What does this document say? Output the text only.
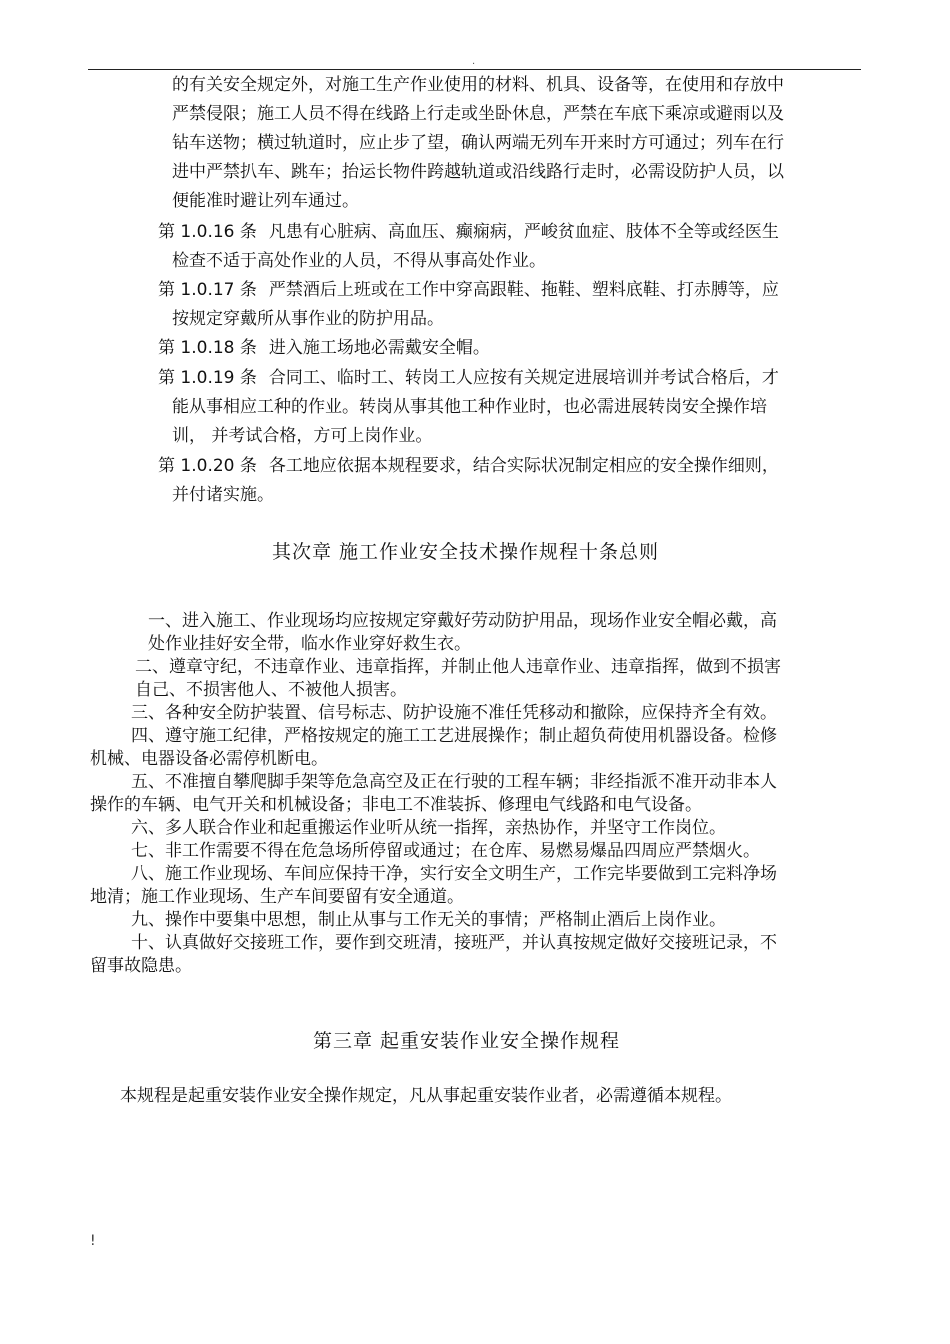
.
的有关安全规定外，对施工生产作业使用的材料、机具、设备等，在使用和存放中
严禁侵限；施工人员不得在线路上行走或坐卧休息，严禁在车底下乘凉或避雨以及
钻车送物；横过轨道时，应止步了望，确认两端无列车开来时方可通过；列车在行
进中严禁扒车、跳车；抬运长物件跨越轨道或沿线路行走时，必需设防护人员，以
便能准时避让列车通过。
第 1.0.16 条 凡患有心脏病、高血压、癫痫病，严峻贫血症、肢体不全等或经医生
检查不适于高处作业的人员，不得从事高处作业。
第 1.0.17 条 严禁酒后上班或在工作中穿高跟鞋、拖鞋、塑料底鞋、打赤膊等，应
按规定穿戴所从事作业的防护用品。
第 1.0.18 条 进入施工场地必需戴安全帽。
第 1.0.19 条 合同工、临时工、转岗工人应按有关规定进展培训并考试合格后，才
能从事相应工种的作业。转岗从事其他工种作业时，也必需进展转岗安全操作培
训， 并考试合格，方可上岗作业。
第 1.0.20 条 各工地应依据本规程要求，结合实际状况制定相应的安全操作细则，
并付诸实施。
其次章 施工作业安全技术操作规程十条总则
一、进入施工、作业现场均应按规定穿戴好劳动防护用品，现场作业安全帽必戴，高
处作业挂好安全带，临水作业穿好救生衣。
二、遵章守纪，不违章作业、违章指挥，并制止他人违章作业、违章指挥，做到不损害
自己、不损害他人、不被他人损害。
三、各种安全防护装置、信号标志、防护设施不准任凭移动和撤除，应保持齐全有效。
四、遵守施工纪律，严格按规定的施工工艺进展操作；制止超负荷使用机器设备。检修
机械、电器设备必需停机断电。
五、不准擅自攀爬脚手架等危急高空及正在行驶的工程车辆；非经指派不准开动非本人
操作的车辆、电气开关和机械设备；非电工不准装拆、修理电气线路和电气设备。
六、多人联合作业和起重搬运作业听从统一指挥，亲热协作，并坚守工作岗位。
七、非工作需要不得在危急场所停留或通过；在仓库、易燃易爆品四周应严禁烟火。
八、施工作业现场、车间应保持干净，实行安全文明生产，工作完毕要做到工完料净场
地清；施工作业现场、生产车间要留有安全通道。
九、操作中要集中思想，制止从事与工作无关的事情；严格制止酒后上岗作业。
十、认真做好交接班工作，要作到交班清，接班严，并认真按规定做好交接班记录，不
留事故隐患。
第三章 起重安装作业安全操作规程
本规程是起重安装作业安全操作规定，凡从事起重安装作业者，必需遵循本规程。
!
